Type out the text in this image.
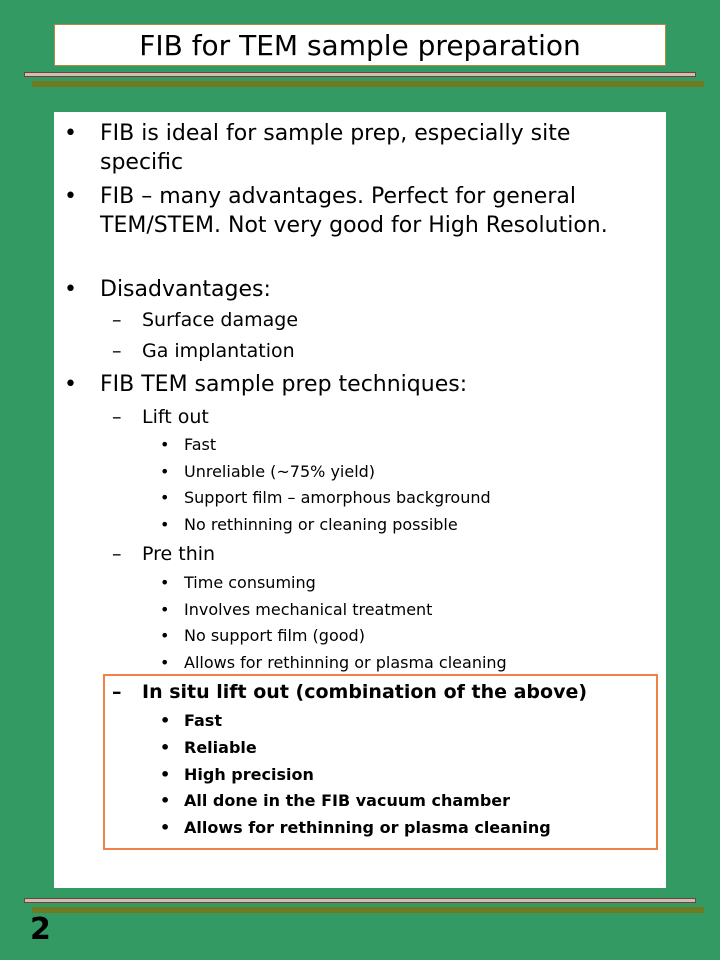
FIB for TEM sample preparation
• FIB is ideal for sample prep, especially site specific
• FIB – many advantages. Perfect for general TEM/STEM. Not very good for High Resolution.
• Disadvantages:
– Surface damage
– Ga implantation
• FIB TEM sample prep techniques:
– Lift out
• Fast
• Unreliable (~75% yield)
• Support film – amorphous background
• No rethinning or cleaning possible
– Pre thin
• Time consuming
• Involves mechanical treatment
• No support film (good)
• Allows for rethinning or plasma cleaning
– In situ lift out (combination of the above)
• Fast
• Reliable
• High precision
• All done in the FIB vacuum chamber
• Allows for rethinning or plasma cleaning
2
